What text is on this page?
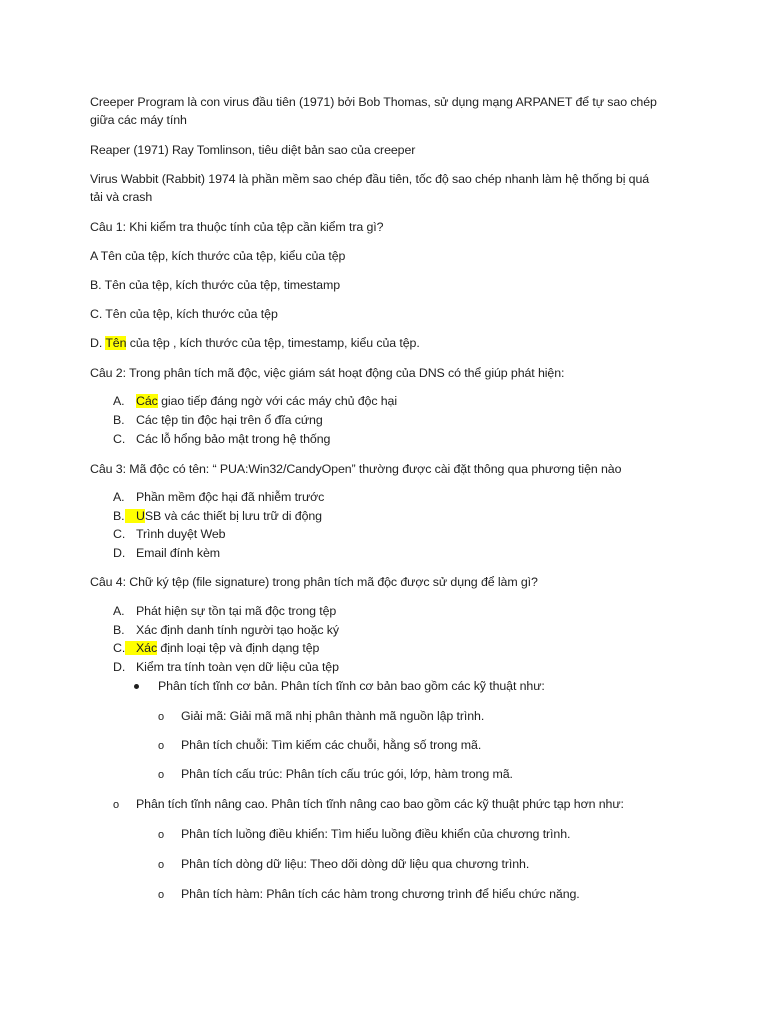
Creeper Program là con virus đầu tiên (1971) bởi Bob Thomas, sử dụng mạng ARPANET để tự sao chép
giữa các máy tính
Reaper (1971) Ray Tomlinson, tiêu diệt bản sao của creeper
Virus Wabbit (Rabbit) 1974 là phần mềm sao chép đầu tiên, tốc độ sao chép nhanh làm hệ thống bị quá
tải và crash
Câu 1: Khi kiểm tra thuộc tính của tệp cần kiểm tra gì?
A Tên của tệp, kích thước của tệp, kiểu của tệp
B. Tên của tệp, kích thước của tệp, timestamp
C. Tên của tệp, kích thước của tệp
D. Tên của tệp , kích thước của tệp, timestamp, kiểu của tệp.
Câu 2: Trong phân tích mã độc, việc giám sát hoạt động của DNS có thể giúp phát hiện:
A. Các giao tiếp đáng ngờ với các máy chủ độc hại
B. Các tệp tin độc hại trên ổ đĩa cứng
C. Các lỗ hổng bảo mật trong hệ thống
Câu 3: Mã độc có tên: “ PUA:Win32/CandyOpen” thường được cài đặt thông qua phương tiện nào
A. Phần mềm độc hại đã nhiễm trước
B. USB và các thiết bị lưu trữ di động
C. Trình duyệt Web
D. Email đính kèm
Câu 4: Chữ ký tệp (file signature) trong phân tích mã độc được sử dụng để làm gì?
A. Phát hiện sự tồn tại mã độc trong tệp
B. Xác định danh tính người tạo hoặc ký
C. Xác định loại tệp và định dạng tệp
D. Kiểm tra tính toàn vẹn dữ liệu của tệp
Phân tích tĩnh cơ bản. Phân tích tĩnh cơ bản bao gồm các kỹ thuật như:
o Giải mã: Giải mã mã nhị phân thành mã nguồn lập trình.
o Phân tích chuỗi: Tìm kiếm các chuỗi, hằng số trong mã.
o Phân tích cấu trúc: Phân tích cấu trúc gói, lớp, hàm trong mã.
o Phân tích tĩnh nâng cao. Phân tích tĩnh nâng cao bao gồm các kỹ thuật phức tạp hơn như:
o Phân tích luồng điều khiển: Tìm hiểu luồng điều khiển của chương trình.
o Phân tích dòng dữ liệu: Theo dõi dòng dữ liệu qua chương trình.
o Phân tích hàm: Phân tích các hàm trong chương trình để hiểu chức năng.
